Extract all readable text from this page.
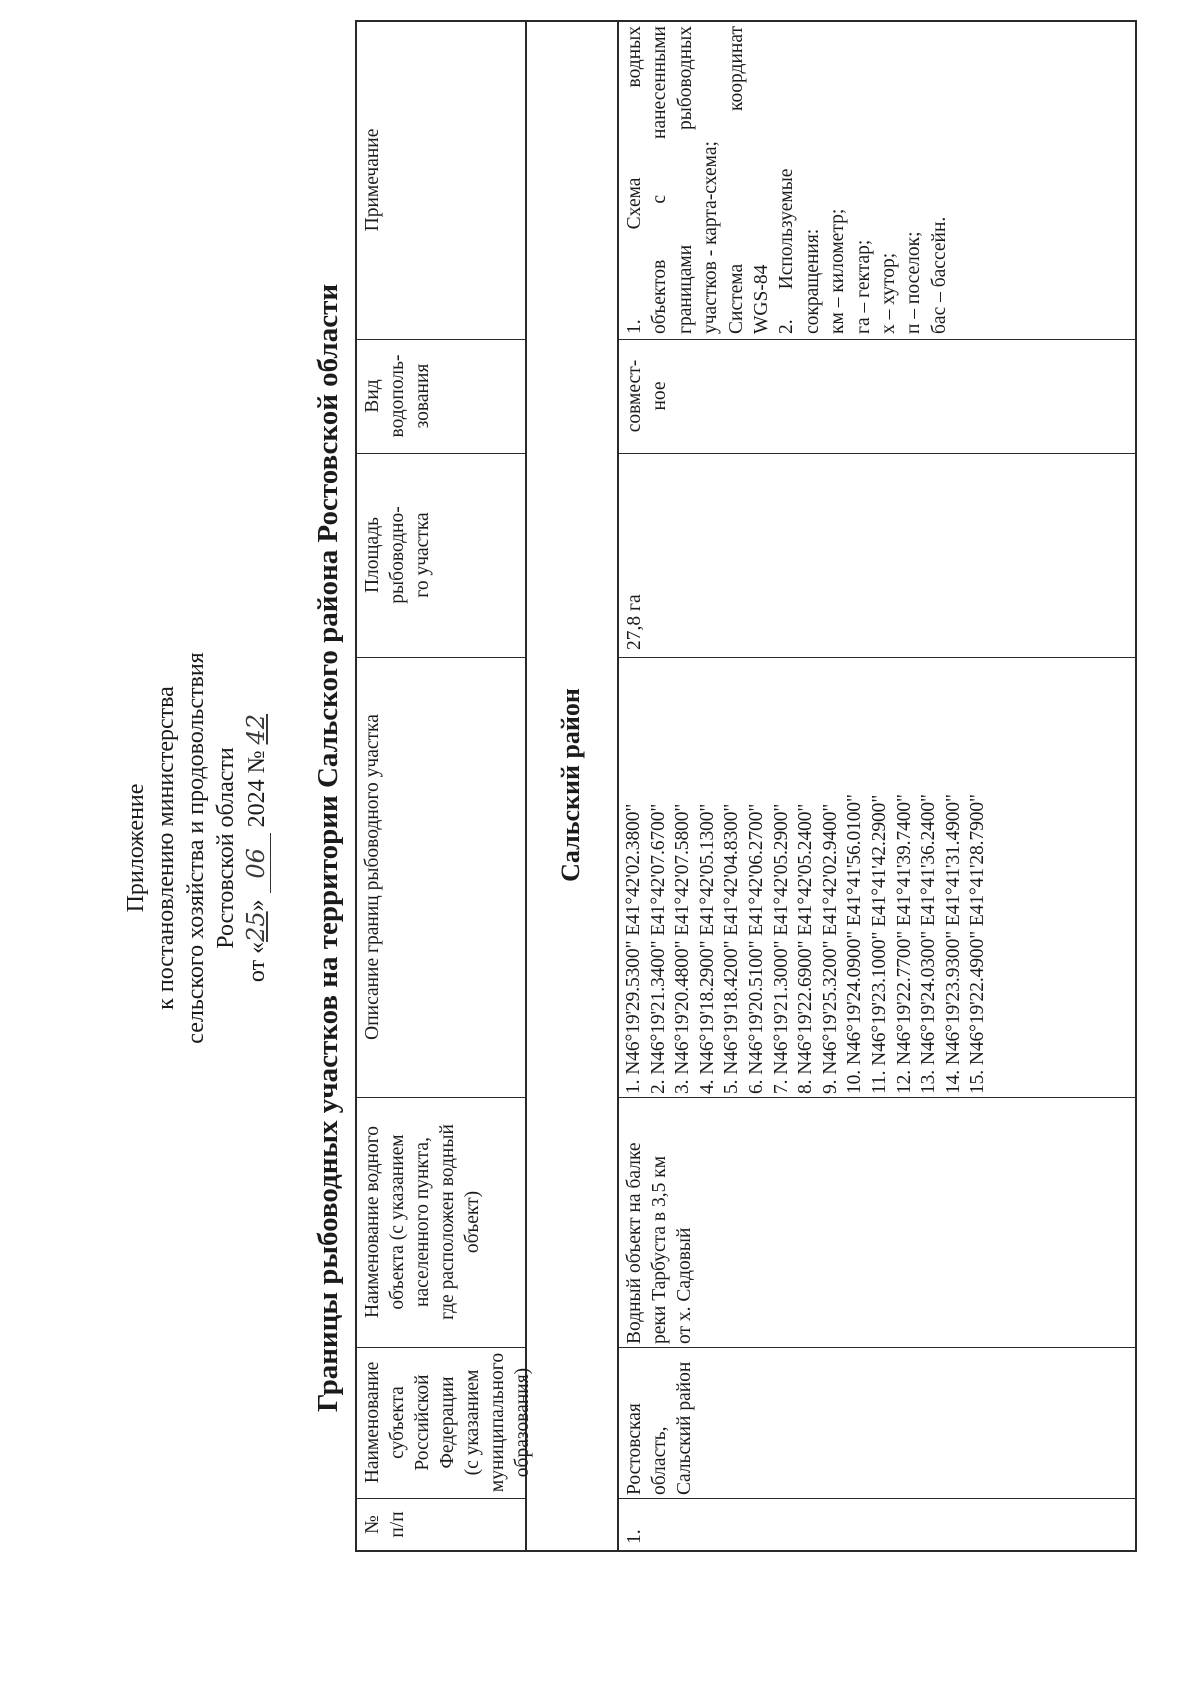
Приложение к постановлению министерства сельского хозяйства и продовольствия Ростовской области
от «25» 06 2024 № 42 Границы рыбоводных участков на территории Сальского района Ростовской области
№ п/п
Наименование субъекта Российской Федерации (с указанием муниципального образования)
Наименование водного объекта (с указанием населенного пункта, где расположен водный объект)
Описание границ рыбоводного участка
Площадь рыбоводно- го участка
Вид водополь- зования
Примечание
Сальский район
1.
Ростовская область, Сальский район
Водный объект на балке реки Тарбуста в 3,5 км от х. Садовый
1. N46°19'29.5300" E41°42'02.3800" 2. N46°19'21.3400" E41°42'07.6700" 3. N46°19'20.4800" E41°42'07.5800" 4. N46°19'18.2900" E41°42'05.1300" 5. N46°19'18.4200" E41°42'04.8300" 6. N46°19'20.5100" E41°42'06.2700" 7. N46°19'21.3000" E41°42'05.2900" 8. N46°19'22.6900" E41°42'05.2400" 9. N46°19'25.3200" E41°42'02.9400" 10. N46°19'24.0900" E41°41'56.0100" 11. N46°19'23.1000" E41°41'42.2900" 12. N46°19'22.7700" E41°41'39.7400" 13. N46°19'24.0300" E41°41'36.2400" 14. N46°19'23.9300" E41°41'31.4900" 15. N46°19'22.4900" E41°41'28.7900"
27,8 га
совмест- ное
1.
Схема
водных
объектов
с
нанесенными
границами
рыбоводных
участков - карта-схема; Система
координат
WGS-84 2.
Используемые сокращения: км – километр; га – гектар; х – хутор; п – поселок; бас – бассейн.
